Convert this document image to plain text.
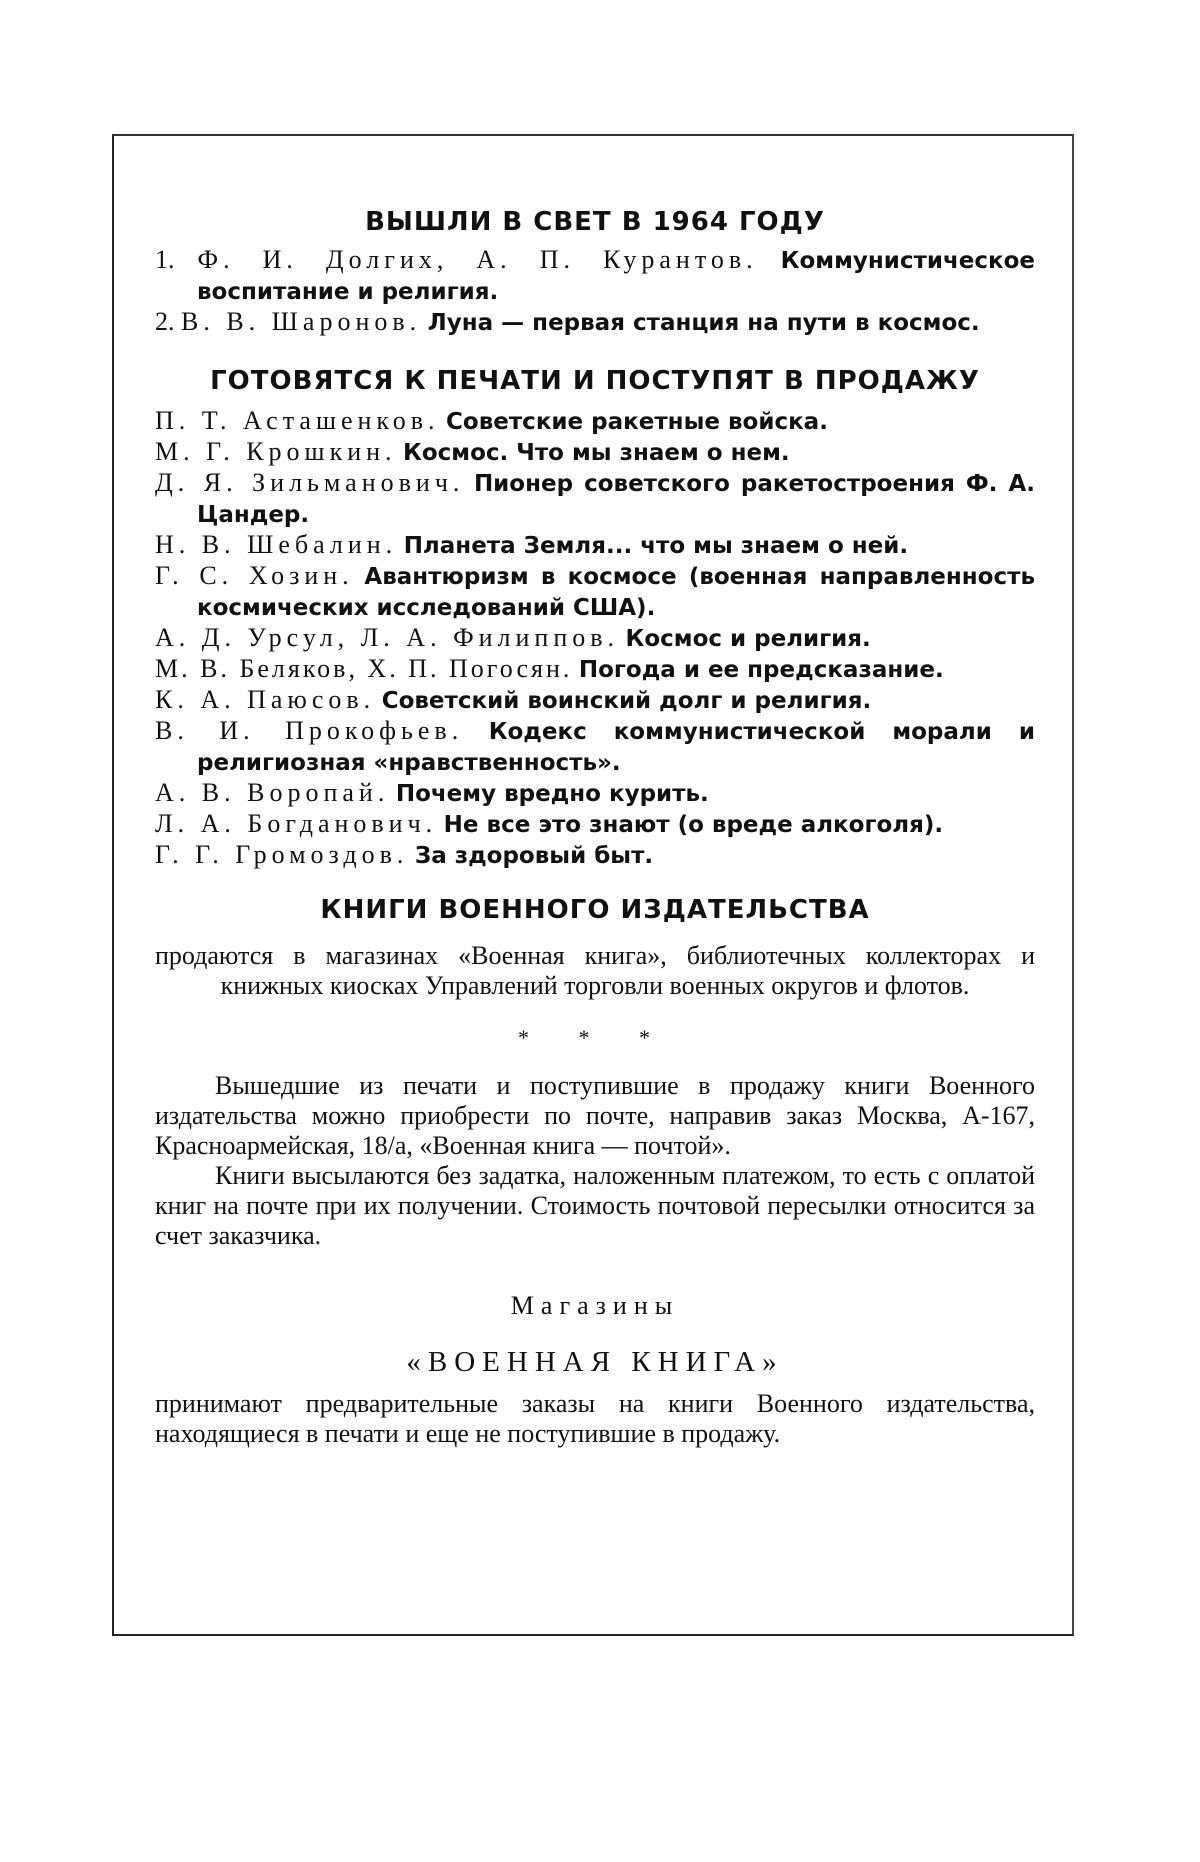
ВЫШЛИ В СВЕТ В 1964 ГОДУ
1. Ф. И. Долгих, А. П. Курантов. Коммунистическое воспитание и религия.
2. В. В. Шаронов. Луна — первая станция на пути в космос.
ГОТОВЯТСЯ К ПЕЧАТИ И ПОСТУПЯТ В ПРОДАЖУ
П. Т. Асташенков. Советские ракетные войска.
М. Г. Крошкин. Космос. Что мы знаем о нем.
Д. Я. Зильманович. Пионер советского ракетостроения Ф. А. Цандер.
Н. В. Шебалин. Планета Земля... что мы знаем о ней.
Г. С. Хозин. Авантюризм в космосе (военная направленность космических исследований США).
А. Д. Урсул, Л. А. Филиппов. Космос и религия.
М. В. Беляков, Х. П. Погосян. Погода и ее предсказание.
К. А. Паюсов. Советский воинский долг и религия.
В. И. Прокофьев. Кодекс коммунистической морали и религиозная «нравственность».
А. В. Воропай. Почему вредно курить.
Л. А. Богданович. Не все это знают (о вреде алкоголя).
Г. Г. Громоздов. За здоровый быт.
КНИГИ ВОЕННОГО ИЗДАТЕЛЬСТВА
продаются в магазинах «Военная книга», библиотечных коллекторах и книжных киосках Управлений торговли военных округов и флотов.
* * *
Вышедшие из печати и поступившие в продажу книги Военного издательства можно приобрести по почте, направив заказ Москва, А-167, Красноармейская, 18/а, «Военная книга — почтой».
Книги высылаются без задатка, наложенным платежом, то есть с оплатой книг на почте при их получении. Стоимость почтовой пересылки относится за счет заказчика.
Магазины
«ВОЕННАЯ КНИГА»
принимают предварительные заказы на книги Военного издательства, находящиеся в печати и еще не поступившие в продажу.
